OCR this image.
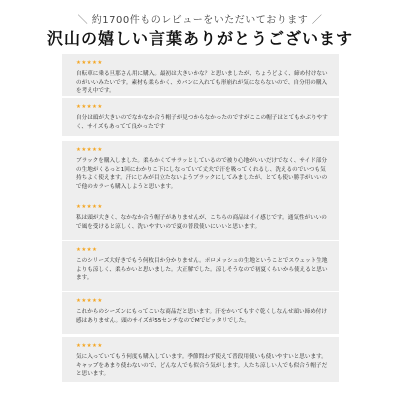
＼ 約1700件ものレビューをいただいております ／
沢山の嬉しい言葉ありがとうございます
★★★★★
自転車に乗る旦那さん用に購入。最初は大きいかな？と思いましたが、ちょうどよく、締め付けないのがいいみたいです。素材も柔らかく、カバンに入れても形崩れが気にならないので、自分用の購入を考え中です。
★★★★★
自分は頭が大きいのでなかなか合う帽子が見つからなかったのですがここの帽子はとてもかぶりやすく、サイズもあってて良かったです
★★★★★
ブラックを購入しました。柔らかくてサラッとしているので被り心地がいいだけでなく、サイド部分の生地がくるっと1回にわかりこ下にしなっていて丈夫で汗を吸ってくれるし、洗えるのでいつも気持ちよく使えます。汗にじみが目立たないようブラックにしてみましたが、とても使い勝手がいいので他のカラーも購入しようと思います。
★★★★★
私は頭が大きく、なかなか合う帽子がありませんが、こちらの商品はイイ感じです。通気性がいいので風を受けると涼しく、洗いやすいので夏の普段使いにいいと思います。
★★★★
このシリーズ大好きでもう何枚目か分かりません。ポロメッシュの生地ということでスウェット生地よりも涼しく、柔らかいと思いました。大正解でした。涼しそうなので初夏くらいから使えると思います。
★★★★★
これからのシーズンにもってこいな商品だと思います。汗をかいてもすぐ乾くしなんせ頭い締め付け感はありません。頭のサイズが55センチなのでMでピッタリでした。
★★★★★
気に入っていてもう何度も購入しています。季節問わず使えて普段用使いも使いやすいと思います。キャップをあまり使わないので、どんな人でも似合う気がします。人たち涼しい人でも似合う帽子だと思います。
